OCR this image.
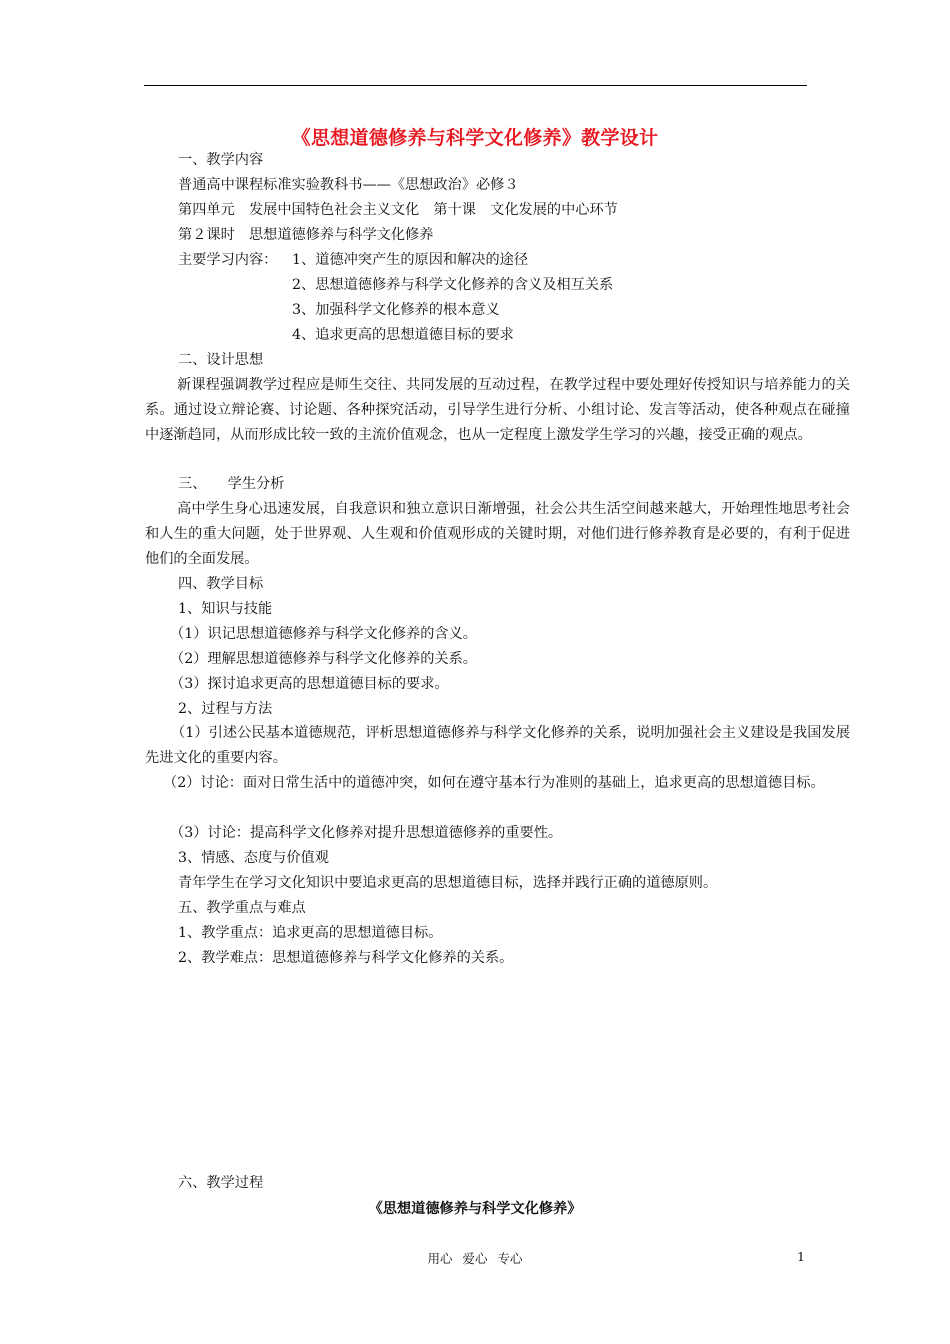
《思想道德修养与科学文化修养》教学设计
一、教学内容
普通高中课程标准实验教科书——《思想政治》必修３
第四单元　发展中国特色社会主义文化　第十课　文化发展的中心环节
第２课时　思想道德修养与科学文化修养
主要学习内容： 1、道德冲突产生的原因和解决的途径
2、思想道德修养与科学文化修养的含义及相互关系
3、加强科学文化修养的根本意义
4、追求更高的思想道德目标的要求
二、设计思想
新课程强调教学过程应是师生交往、共同发展的互动过程，在教学过程中要处理好传授知识与培养能力的关系。通过设立辩论赛、讨论题、各种探究活动，引导学生进行分析、小组讨论、发言等活动，使各种观点在碰撞中逐渐趋同，从而形成比较一致的主流价值观念，也从一定程度上激发学生学习的兴趣，接受正确的观点。
三、　　学生分析
高中学生身心迅速发展，自我意识和独立意识日渐增强，社会公共生活空间越来越大，开始理性地思考社会和人生的重大问题，处于世界观、人生观和价值观形成的关键时期，对他们进行修养教育是必要的，有利于促进他们的全面发展。
四、教学目标
1、知识与技能
（1）识记思想道德修养与科学文化修养的含义。
（2）理解思想道德修养与科学文化修养的关系。
（3）探讨追求更高的思想道德目标的要求。
2、过程与方法
（1）引述公民基本道德规范，评析思想道德修养与科学文化修养的关系，说明加强社会主义建设是我国发展先进文化的重要内容。
（2）讨论：面对日常生活中的道德冲突，如何在遵守基本行为准则的基础上，追求更高的思想道德目标。
（3）讨论：提高科学文化修养对提升思想道德修养的重要性。
3、情感、态度与价值观
青年学生在学习文化知识中要追求更高的思想道德目标，选择并践行正确的道德原则。
五、教学重点与难点
1、教学重点：追求更高的思想道德目标。
2、教学难点：思想道德修养与科学文化修养的关系。
六、教学过程
《思想道德修养与科学文化修养》
用心 爱心 专心	1
